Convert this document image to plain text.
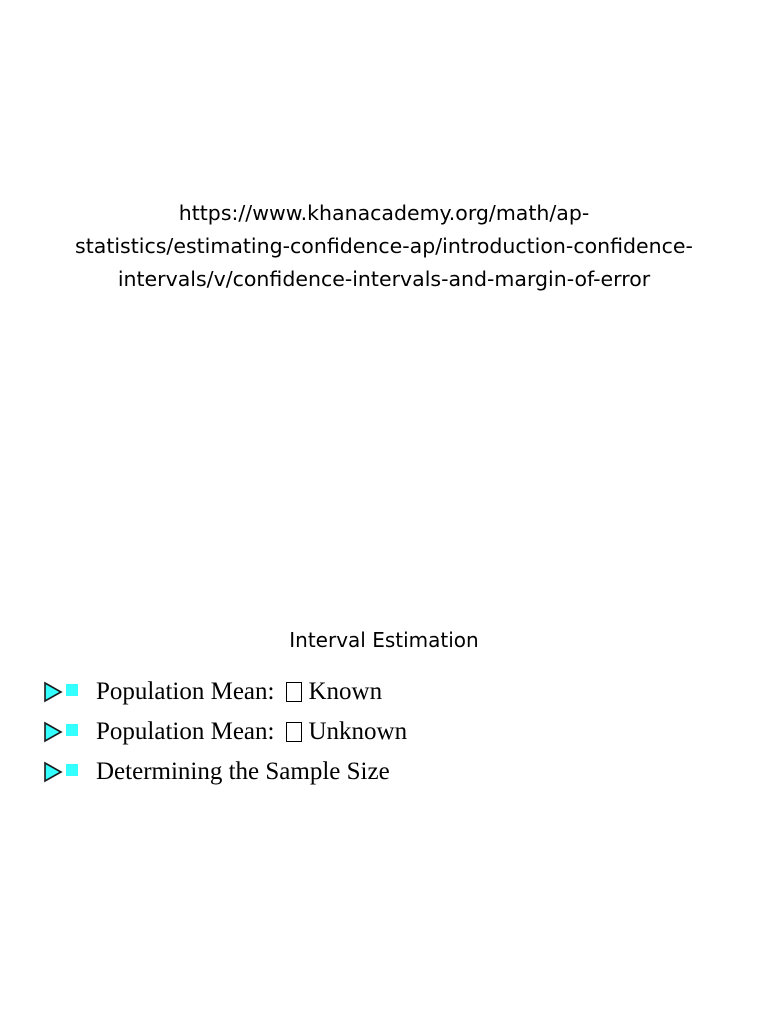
https://www.khanacademy.org/math/ap-
statistics/estimating-confidence-ap/introduction-confidence-
intervals/v/confidence-intervals-and-margin-of-error
Interval Estimation
Population Mean: Known
Population Mean: Unknown
Determining the Sample Size
